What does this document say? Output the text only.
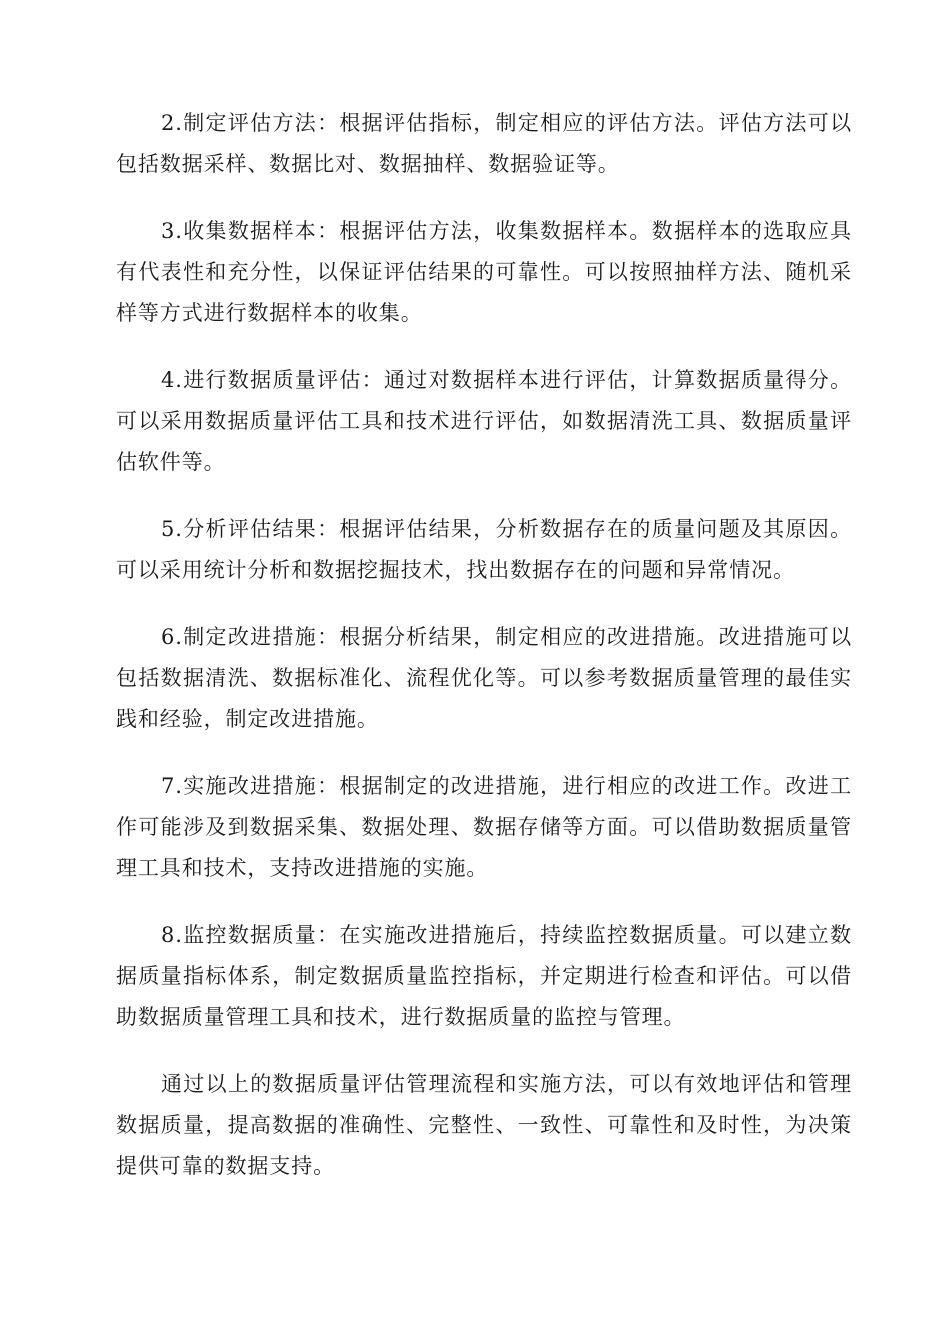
2.制定评估方法：根据评估指标，制定相应的评估方法。评估方法可以包括数据采样、数据比对、数据抽样、数据验证等。

3.收集数据样本：根据评估方法，收集数据样本。数据样本的选取应具有代表性和充分性，以保证评估结果的可靠性。可以按照抽样方法、随机采样等方式进行数据样本的收集。

4.进行数据质量评估：通过对数据样本进行评估，计算数据质量得分。可以采用数据质量评估工具和技术进行评估，如数据清洗工具、数据质量评估软件等。

5.分析评估结果：根据评估结果，分析数据存在的质量问题及其原因。可以采用统计分析和数据挖掘技术，找出数据存在的问题和异常情况。

6.制定改进措施：根据分析结果，制定相应的改进措施。改进措施可以包括数据清洗、数据标准化、流程优化等。可以参考数据质量管理的最佳实践和经验，制定改进措施。

7.实施改进措施：根据制定的改进措施，进行相应的改进工作。改进工作可能涉及到数据采集、数据处理、数据存储等方面。可以借助数据质量管理工具和技术，支持改进措施的实施。

8.监控数据质量：在实施改进措施后，持续监控数据质量。可以建立数据质量指标体系，制定数据质量监控指标，并定期进行检查和评估。可以借助数据质量管理工具和技术，进行数据质量的监控与管理。

通过以上的数据质量评估管理流程和实施方法，可以有效地评估和管理数据质量，提高数据的准确性、完整性、一致性、可靠性和及时性，为决策提供可靠的数据支持。
